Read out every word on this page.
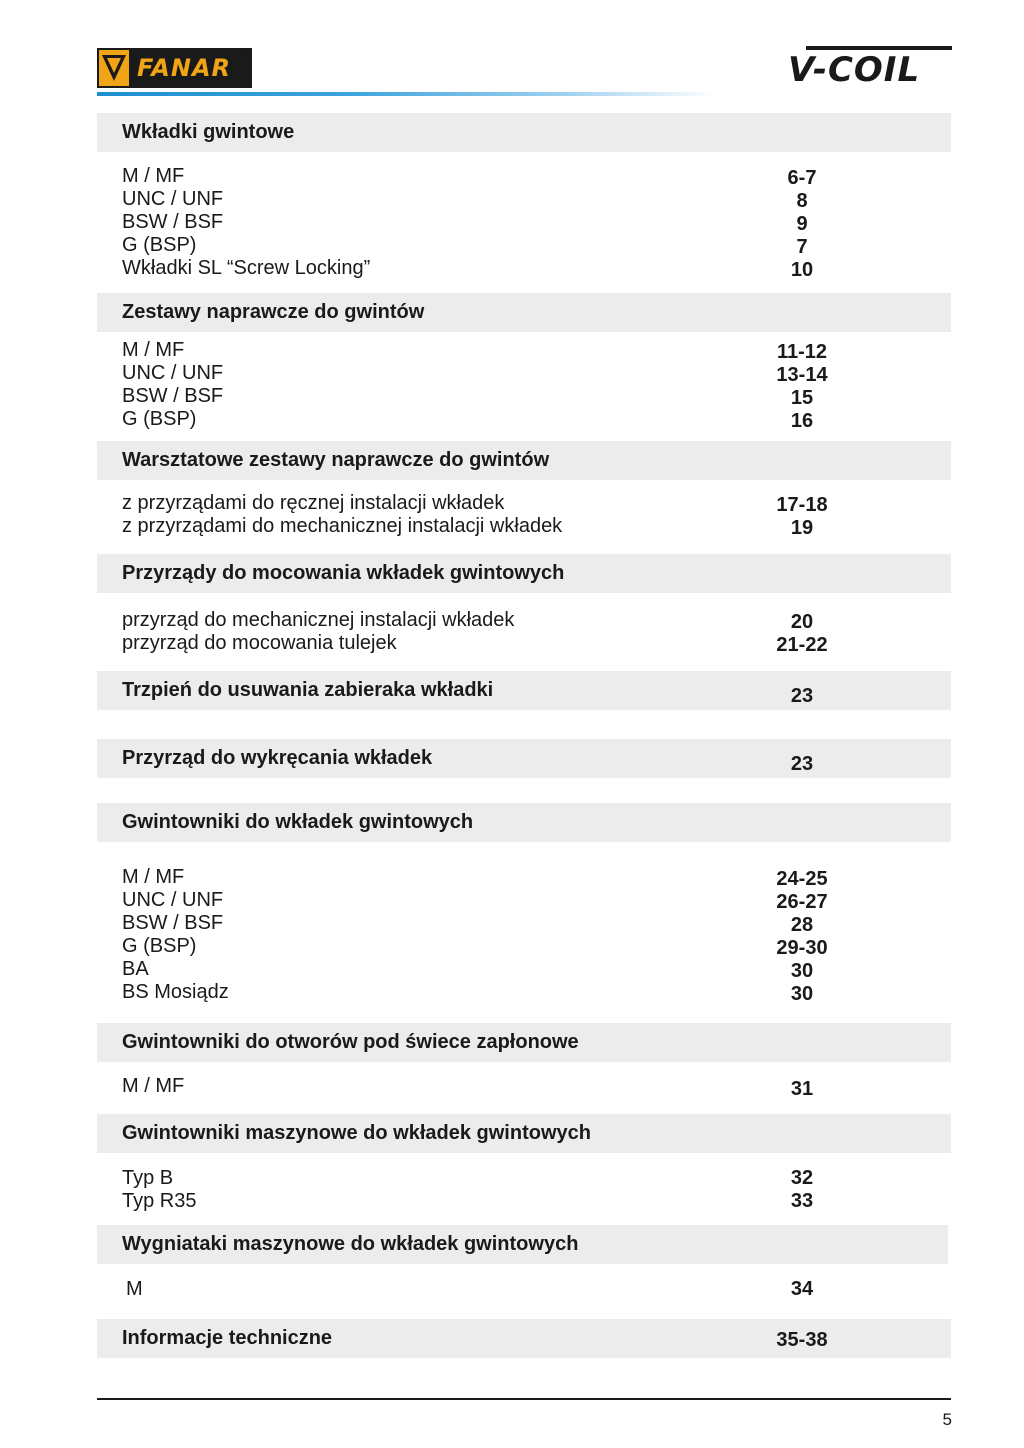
FANAR	®	V-COIL
Wkładki gwintowe
M / MF	6-7
UNC / UNF	8
BSW / BSF	9
G (BSP)	7
Wkładki SL “Screw Locking”	10
Zestawy naprawcze do gwintów
M / MF	11-12
UNC / UNF	13-14
BSW / BSF	15
G (BSP)	16
Warsztatowe zestawy naprawcze do gwintów
z przyrządami do ręcznej instalacji wkładek	17-18
z przyrządami do mechanicznej instalacji wkładek	19
Przyrządy do mocowania wkładek gwintowych
przyrząd do mechanicznej instalacji wkładek	20
przyrząd do mocowania tulejek	21-22
Trzpień do usuwania zabieraka wkładki	23
Przyrząd do wykręcania wkładek	23
Gwintowniki do wkładek gwintowych
M / MF	24-25
UNC / UNF	26-27
BSW / BSF	28
G (BSP)	29-30
BA	30
BS Mosiądz	30
Gwintowniki do otworów pod świece zapłonowe
M / MF	31
Gwintowniki maszynowe do wkładek gwintowych
Typ B	32
Typ R35	33
Wygniataki maszynowe do wkładek gwintowych
M	34
Informacje techniczne	35-38
5
